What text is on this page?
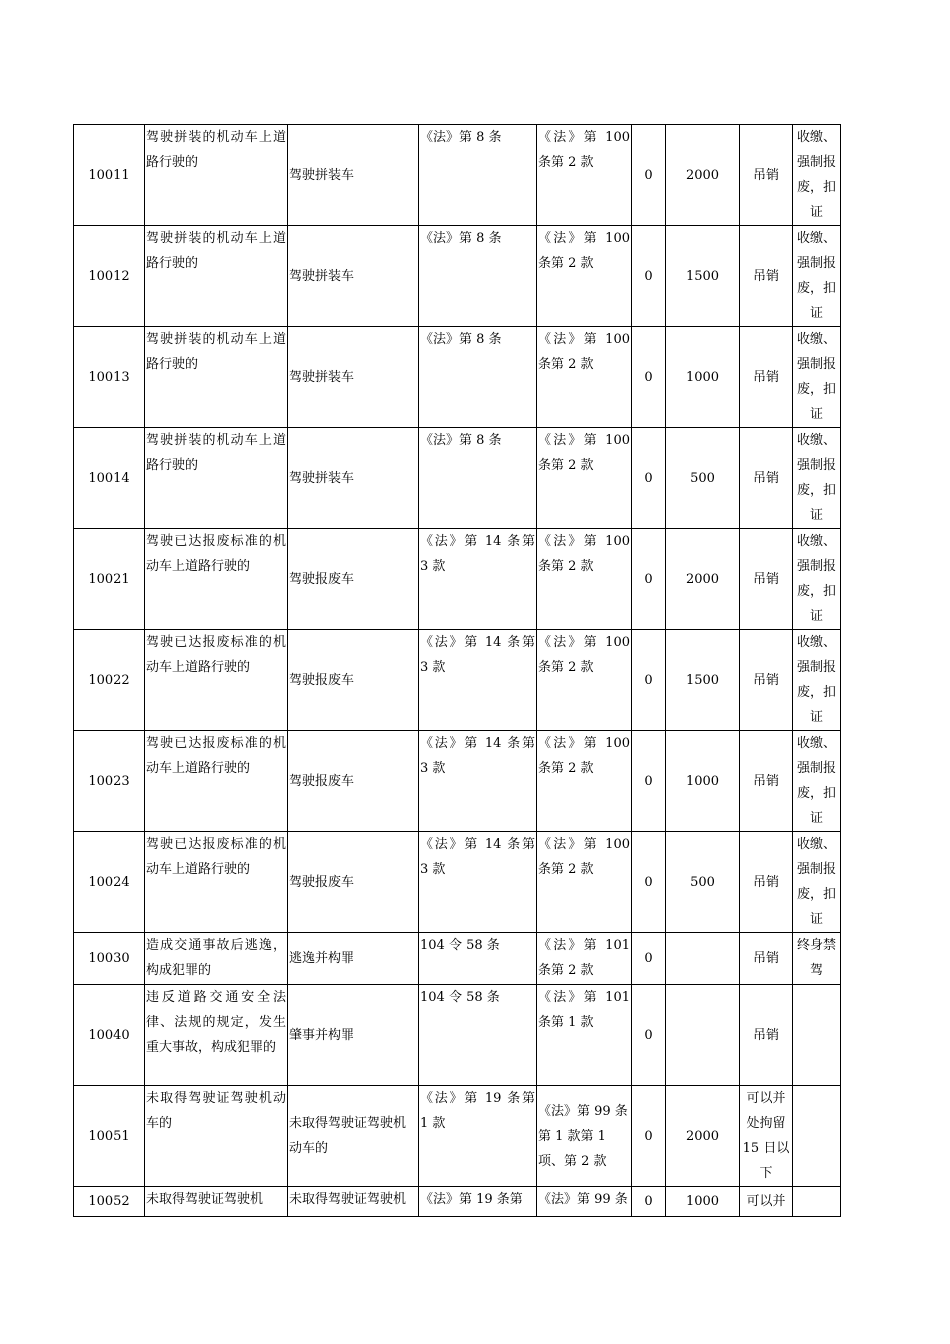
10011	驾驶拼装的机动车上道路行驶的	驾驶拼装车	《法》第 8 条	《法》第 100 条第 2 款	0	2000	吊销	收缴、强制报废，扣证
10012	驾驶拼装的机动车上道路行驶的	驾驶拼装车	《法》第 8 条	《法》第 100 条第 2 款	0	1500	吊销	收缴、强制报废，扣证
10013	驾驶拼装的机动车上道路行驶的	驾驶拼装车	《法》第 8 条	《法》第 100 条第 2 款	0	1000	吊销	收缴、强制报废，扣证
10014	驾驶拼装的机动车上道路行驶的	驾驶拼装车	《法》第 8 条	《法》第 100 条第 2 款	0	500	吊销	收缴、强制报废，扣证
10021	驾驶已达报废标准的机动车上道路行驶的	驾驶报废车	《法》第 14 条第 3 款	《法》第 100 条第 2 款	0	2000	吊销	收缴、强制报废，扣证
10022	驾驶已达报废标准的机动车上道路行驶的	驾驶报废车	《法》第 14 条第 3 款	《法》第 100 条第 2 款	0	1500	吊销	收缴、强制报废，扣证
10023	驾驶已达报废标准的机动车上道路行驶的	驾驶报废车	《法》第 14 条第 3 款	《法》第 100 条第 2 款	0	1000	吊销	收缴、强制报废，扣证
10024	驾驶已达报废标准的机动车上道路行驶的	驾驶报废车	《法》第 14 条第 3 款	《法》第 100 条第 2 款	0	500	吊销	收缴、强制报废，扣证
10030	造成交通事故后逃逸，构成犯罪的	逃逸并构罪	104 令 58 条	《法》第 101 条第 2 款	0		吊销	终身禁驾
10040	违反道路交通安全法律、法规的规定，发生重大事故，构成犯罪的	肇事并构罪	104 令 58 条	《法》第 101 条第 1 款	0		吊销	
10051	未取得驾驶证驾驶机动车的	未取得驾驶证驾驶机动车的	《法》第 19 条第 1 款	《法》第 99 条第 1 款第 1 项、第 2 款	0	2000	可以并处拘留 15 日以下	
10052	未取得驾驶证驾驶机	未取得驾驶证驾驶机	《法》第 19 条第	《法》第 99 条	0	1000	可以并	
